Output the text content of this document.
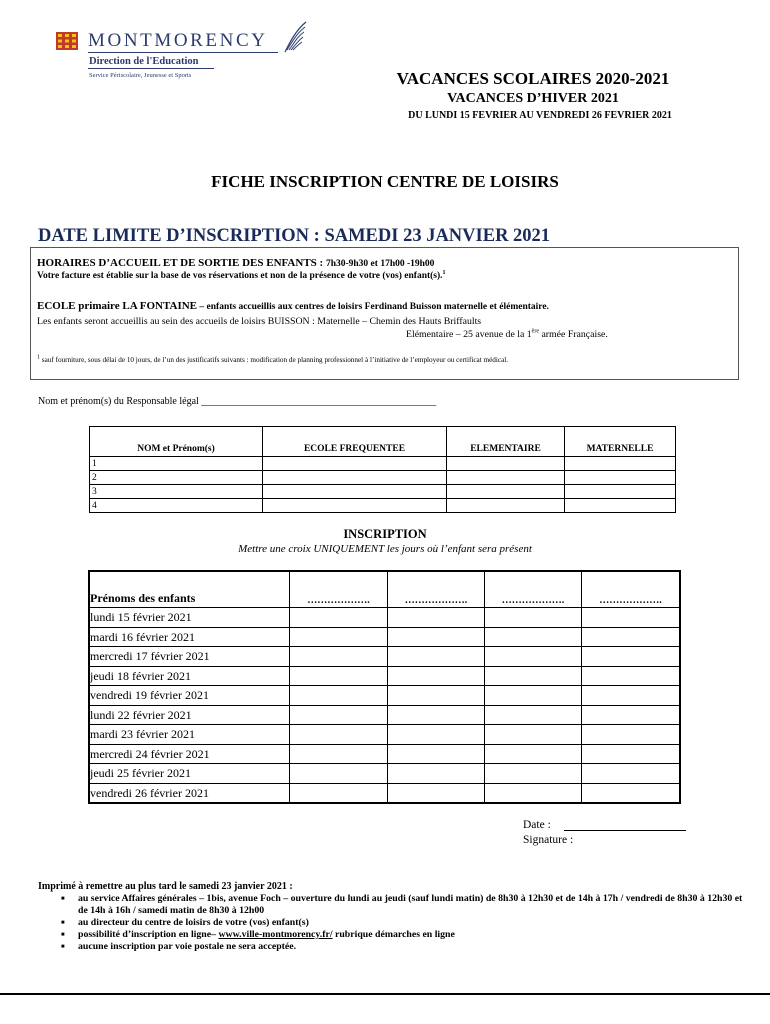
MONTMORENCY
Direction de l'Education
Service Périscolaire, Jeunesse et Sports	VACANCES SCOLAIRES 2020-2021
VACANCES D’HIVER 2021
DU LUNDI 15 FEVRIER AU VENDREDI 26 FEVRIER 2021
FICHE INSCRIPTION CENTRE DE LOISIRS
DATE LIMITE D’INSCRIPTION : SAMEDI 23 JANVIER 2021
HORAIRES D’ACCUEIL ET DE SORTIE DES ENFANTS : 7h30-9h30 et 17h00 -19h00
Votre facture est établie sur la base de vos réservations et non de la présence de votre (vos) enfant(s).$^1$
ECOLE primaire LA FONTAINE – enfants accueillis aux centres de loisirs Ferdinand Buisson maternelle et élémentaire.
Les enfants seront accueillis au sein des accueils de loisirs BUISSON : Maternelle – Chemin des Hauts Briffaults
Elémentaire – 25 avenue de la 1ère armée Française.
$^1$ sauf fourniture, sous délai de 10 jours, de l’un des justificatifs suivants : modification de planning professionnel à l’initiative de l’employeur ou certificat médical.
Nom et prénom(s) du Responsable légal _______________________________________________
NOM et Prénom(s)	ECOLE FREQUENTEE	ELEMENTAIRE	MATERNELLE
1			
2			
3			
4			
INSCRIPTION
Mettre une croix UNIQUEMENT les jours où l’enfant sera présent
Prénoms des enfants	……………….	……………….	……………….	……………….
lundi 15 février 2021				
mardi 16 février 2021				
mercredi 17 février 2021				
jeudi 18 février 2021				
vendredi 19 février 2021				
lundi 22 février 2021				
mardi 23 février 2021				
mercredi 24 février 2021				
jeudi 25 février 2021				
vendredi 26 février 2021				
Date :
Signature :
Imprimé à remettre au plus tard le samedi 23 janvier 2021 :
■ au service Affaires générales – 1bis, avenue Foch – ouverture du lundi au jeudi (sauf lundi matin) de 8h30 à 12h30 et de 14h à 17h / vendredi de 8h30 à 12h30 et de 14h à 16h / samedi matin de 8h30 à 12h00
■ au directeur du centre de loisirs de votre (vos) enfant(s)
■ possibilité d’inscription en ligne– www.ville-montmorency.fr/ rubrique démarches en ligne
■ aucune inscription par voie postale ne sera acceptée.
